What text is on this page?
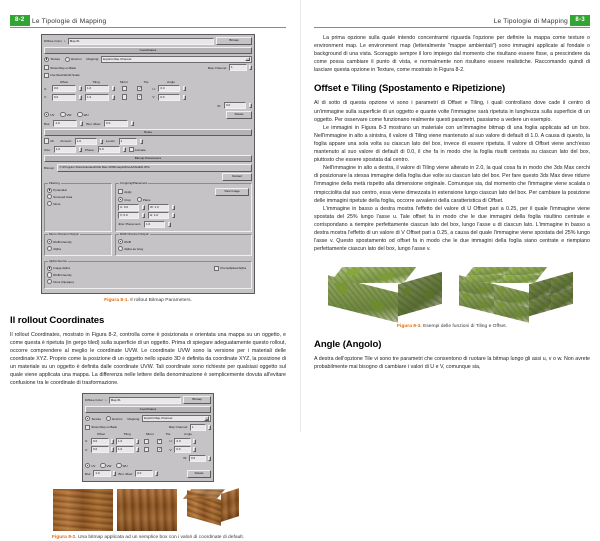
8-2	Le Tipologie di Mapping
Diffuse Color ⌁	Map #1	Bitmap
Coordinates
Texture	Environ Mapping: Explicit Map Channel
Show Map on Back	Map Channel:	1
Use Real-World Scale
Offset	Tiling	Mirror	Tile	Angle
U:	0.0	1.0 ✓	U:	0.0
V:	0.0	1.0 ✓	V:	0.0
W:	0.0
UV	VW	WU	Rotate
Blur:	1.0	Blur offset:	0.0
Noise
On Amount:	1.0	Levels:	1
Size:	1.0	Phase:	0.0	Animate
Bitmap Parameters
Bitmap:	C:\Program Files\Autodesk\3ds Max 2009\maps\Wood\ASHEN.JPG
Reload
Filtering
Pyramidal
Summed Area
None
Cropping/Placement
Apply	View Image
Crop	Place
U: 0.0	W: 1.0
V: 0.0	H: 1.0
Jitter Placement:	1.0
Mono Channel Output:
RGB Intensity
Alpha
RGB Channel Output:
RGB
Alpha as Gray
Alpha Source
Image Alpha	Premultiplied Alpha
RGB Intensity
None (Opaque)

Figura 8-1. Il rollout Bitmap Parameters.

Il rollout Coordinates

Il rollout Coordinates, mostrato in Figura 8-2, controlla come è posizionata e orientata una mappa su un oggetto, e come questa è ripetuta (in gergo tiled) sulla superficie di un oggetto. Prima di spiegare adeguatamente questo rollout, occorre comprendere al meglio le coordinate UVW. Le coordinate UVW sono la versione per i materiali delle coordinate XYZ. Proprio come la posizione di un oggetto nello spazio 3D è definita da coordinate XYZ, la posizione di un materiale su un oggetto è definita dalle coordinate UVW. Tali coordinate sono richieste per qualsiasi oggetto sul quale viene applicata una mappa. La differenza nelle lettere della denominazione è semplicemente dovuta all'evitare confusione tra le coordinate di trasformazione.

Diffuse Color ⌁	Map #1	Bitmap
Coordinates
Texture	Environ Mapping: Explicit Map Channel
Show Map on Back	Map Channel:	1
Offset	Tiling	Mirror	Tile	Angle
U:	0.0	1.0 ✓	U:	0.0
V:	0.0	1.0 ✓	V:	0.0
W:	0.0
UV	VW	WU
Blur:	1.0	Blur offset:	0.0	Rotate

Figura 8-2. Una bitmap applicata ad un semplice box con i valori di coordinate di default.

8-3
Le Tipologie di Mapping

La prima opzione sulla quale intendo concentrarmi riguarda l'opzione per definire la mappa come texture o environment map. Le environment map (letteralmente "mappe ambientali") sono immagini applicate al fondale o background di una vista. Scoraggio sempre il loro impiego dal momento che risultano essere fisse, a prescindere da come possa cambiare il punto di vista, e normalmente non risultano essere realistiche. Raccomando quindi di lasciare questa opzione in Texture, come mostrato in Figura 8-2.

Offset e Tiling (Spostamento e Ripetizione)

Al di sotto di questa opzione vi sono i parametri di Offset e Tiling, i quali controllano dove cade il centro di un'immagine sulla superficie di un oggetto e quante volte l'immagine sarà ripetuta in lunghezza sulla superficie di un oggetto. Per osservare come funzionano realmente questi parametri, passiamo a vedere un esempio.

Le immagini in Figura 8-3 mostrano un materiale con un'immagine bitmap di una foglia applicata ad un box. Nell'immagine in alto a sinistra, il valore di Tiling viene mantenuto al suo valore di default di 1.0. A causa di questo, la foglia appare una sola volta su ciascun lato del box, invece di essere ripetuta. Il valore di Offset viene anch'esso mantenuto al suo valore di default di 0.0, il che fa in modo che la foglia risulti centrata su ciascun lato del box, piuttosto che essere spostata dal centro.

Nell'immagine in alto a destra, il valore di Tiling viene alterato in 2.0, la qual cosa fa in modo che 3ds Max cerchi di posizionare la stessa immagine della foglia due volte su ciascun lato del box. Per fare questo 3ds Max deve ridurre l'immagine della metà rispetto alla dimensione originale. Comunque sia, dal momento che l'immagine viene scalata o rimpicciolita dal suo centro, essa viene dimezzata in estensione lungo ciascun lato del box. Per cambiare la posizione delle immagini ripetute della foglia, occorre avvalersi della caratteristica di Offset.

L'immagine in basso a destra mostra l'effetto del valore di U Offset pari a 0.25, per il quale l'immagine viene spostata del 25% lungo l'asse u. Tale offset fa in modo che le due immagini della foglia risultino centrate e corrispondano a riempire perfettamente ciascun lato del box, lungo l'asse u di ciascun lato. L'immagine in basso a destra mostra l'effetto di un valore di V Offset pari a 0.25, a causa del quale l'immagine viene spostata del 25% lungo l'asse v. Questo spostamento od offset fa in modo che le due immagini della foglia siano centrate e riempiano perfettamente ciascun lato del box, lungo l'asse v.

Figura 8-3. Esempi delle funzioni di Tiling e Offset.

Angle (Angolo)

A destra dell'opzione Tile vi sono tre parametri che consentono di ruotare la bitmap lungo gli assi u, v o w. Non avrete probabilmente mai bisogno di cambiare i valori di U e V, comunque sia,
